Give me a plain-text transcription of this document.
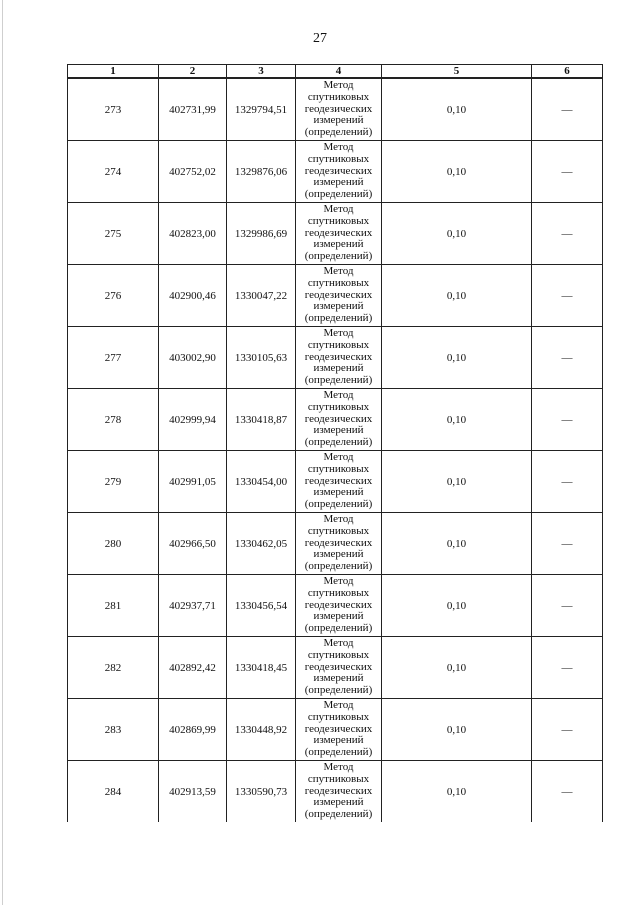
27
1	2	3	4	5	6
273	402731,99	1329794,51	Метод
спутниковых
геодезических
измерений
(определений)	0,10	—
274	402752,02	1329876,06	Метод
спутниковых
геодезических
измерений
(определений)	0,10	—
275	402823,00	1329986,69	Метод
спутниковых
геодезических
измерений
(определений)	0,10	—
276	402900,46	1330047,22	Метод
спутниковых
геодезических
измерений
(определений)	0,10	—
277	403002,90	1330105,63	Метод
спутниковых
геодезических
измерений
(определений)	0,10	—
278	402999,94	1330418,87	Метод
спутниковых
геодезических
измерений
(определений)	0,10	—
279	402991,05	1330454,00	Метод
спутниковых
геодезических
измерений
(определений)	0,10	—
280	402966,50	1330462,05	Метод
спутниковых
геодезических
измерений
(определений)	0,10	—
281	402937,71	1330456,54	Метод
спутниковых
геодезических
измерений
(определений)	0,10	—
282	402892,42	1330418,45	Метод
спутниковых
геодезических
измерений
(определений)	0,10	—
283	402869,99	1330448,92	Метод
спутниковых
геодезических
измерений
(определений)	0,10	—
284	402913,59	1330590,73	Метод
спутниковых
геодезических
измерений
(определений)	0,10	—
